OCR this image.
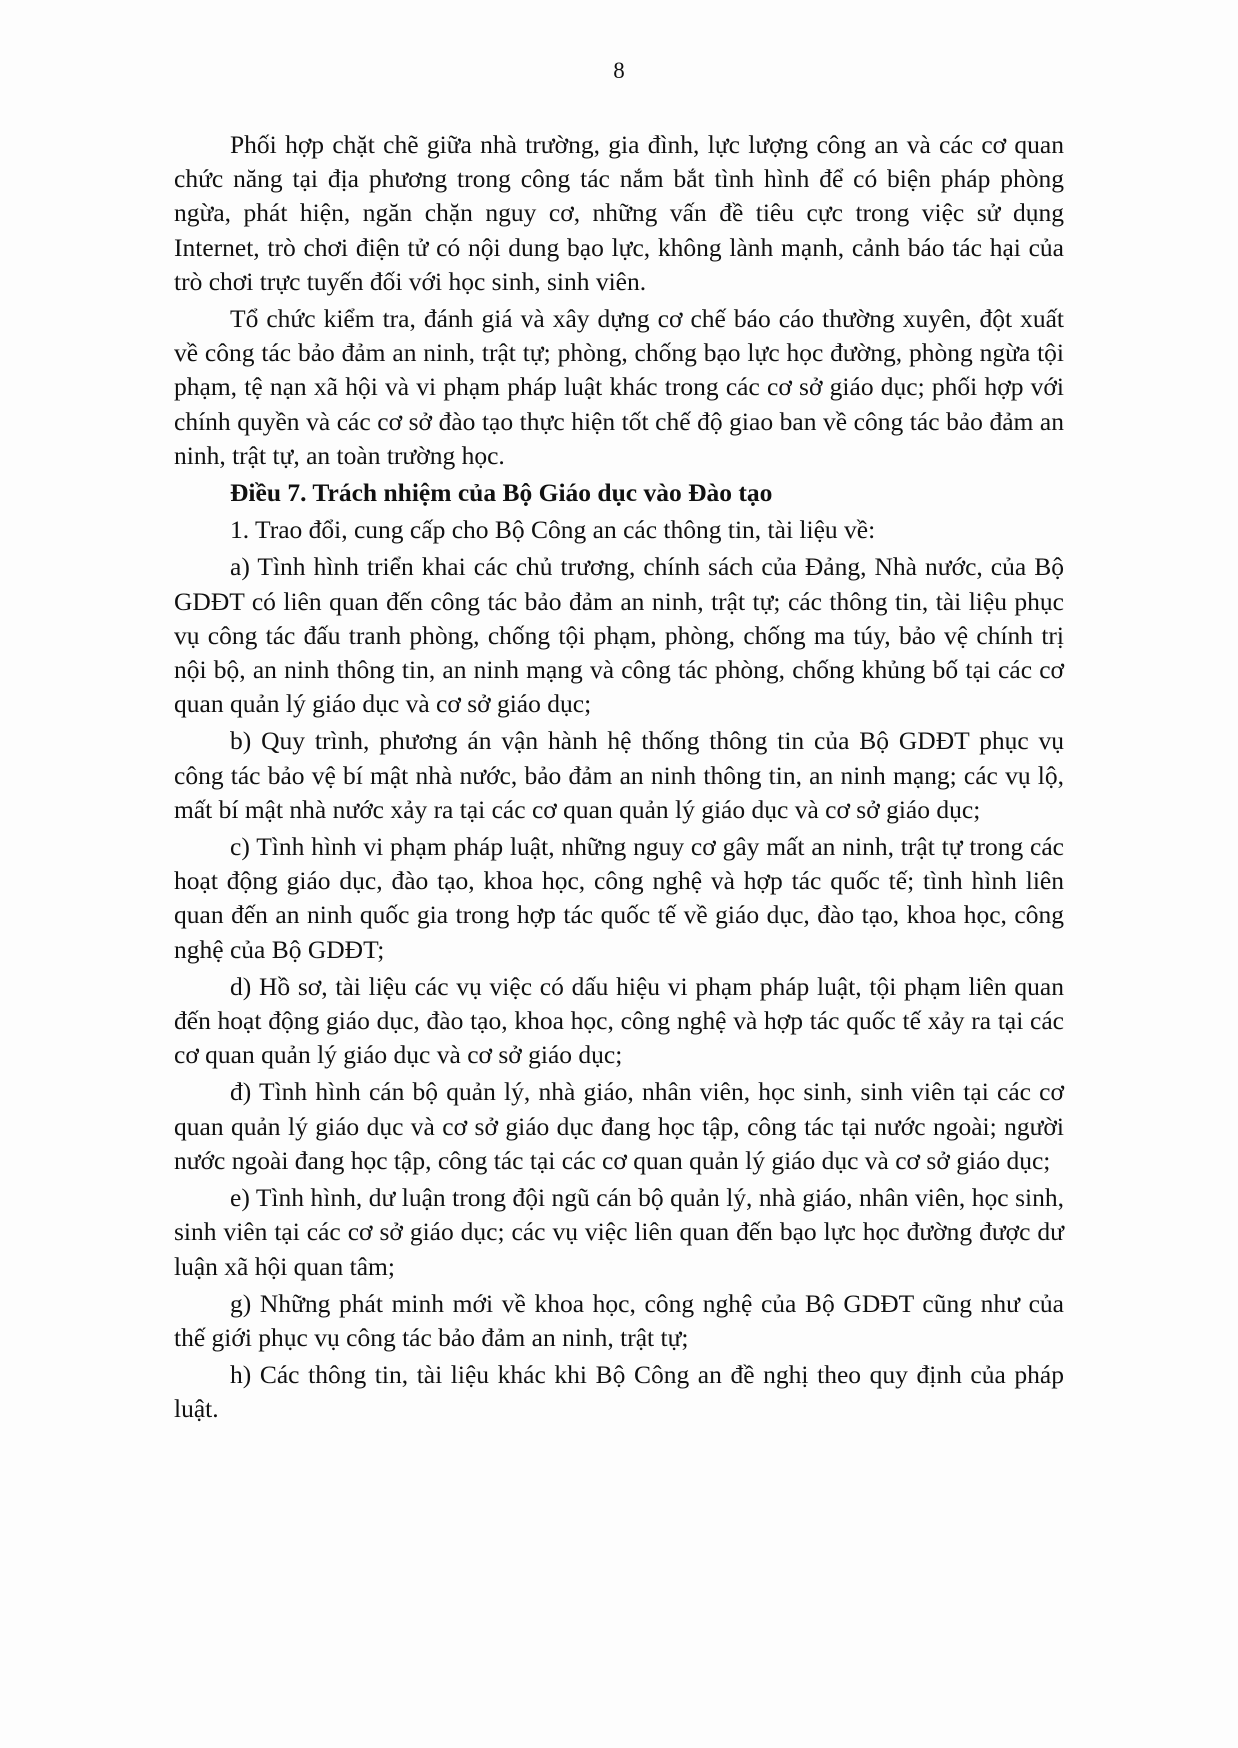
8

Phối hợp chặt chẽ giữa nhà trường, gia đình, lực lượng công an và các cơ quan chức năng tại địa phương trong công tác nắm bắt tình hình để có biện pháp phòng ngừa, phát hiện, ngăn chặn nguy cơ, những vấn đề tiêu cực trong việc sử dụng Internet, trò chơi điện tử có nội dung bạo lực, không lành mạnh, cảnh báo tác hại của trò chơi trực tuyến đối với học sinh, sinh viên.

Tổ chức kiểm tra, đánh giá và xây dựng cơ chế báo cáo thường xuyên, đột xuất về công tác bảo đảm an ninh, trật tự; phòng, chống bạo lực học đường, phòng ngừa tội phạm, tệ nạn xã hội và vi phạm pháp luật khác trong các cơ sở giáo dục; phối hợp với chính quyền và các cơ sở đào tạo thực hiện tốt chế độ giao ban về công tác bảo đảm an ninh, trật tự, an toàn trường học.

Điều 7. Trách nhiệm của Bộ Giáo dục vào Đào tạo

1. Trao đổi, cung cấp cho Bộ Công an các thông tin, tài liệu về:

a) Tình hình triển khai các chủ trương, chính sách của Đảng, Nhà nước, của Bộ GDĐT có liên quan đến công tác bảo đảm an ninh, trật tự; các thông tin, tài liệu phục vụ công tác đấu tranh phòng, chống tội phạm, phòng, chống ma túy, bảo vệ chính trị nội bộ, an ninh thông tin, an ninh mạng và công tác phòng, chống khủng bố tại các cơ quan quản lý giáo dục và cơ sở giáo dục;

b) Quy trình, phương án vận hành hệ thống thông tin của Bộ GDĐT phục vụ công tác bảo vệ bí mật nhà nước, bảo đảm an ninh thông tin, an ninh mạng; các vụ lộ, mất bí mật nhà nước xảy ra tại các cơ quan quản lý giáo dục và cơ sở giáo dục;

c) Tình hình vi phạm pháp luật, những nguy cơ gây mất an ninh, trật tự trong các hoạt động giáo dục, đào tạo, khoa học, công nghệ và hợp tác quốc tế; tình hình liên quan đến an ninh quốc gia trong hợp tác quốc tế về giáo dục, đào tạo, khoa học, công nghệ của Bộ GDĐT;

d) Hồ sơ, tài liệu các vụ việc có dấu hiệu vi phạm pháp luật, tội phạm liên quan đến hoạt động giáo dục, đào tạo, khoa học, công nghệ và hợp tác quốc tế xảy ra tại các cơ quan quản lý giáo dục và cơ sở giáo dục;

đ) Tình hình cán bộ quản lý, nhà giáo, nhân viên, học sinh, sinh viên tại các cơ quan quản lý giáo dục và cơ sở giáo dục đang học tập, công tác tại nước ngoài; người nước ngoài đang học tập, công tác tại các cơ quan quản lý giáo dục và cơ sở giáo dục;

e) Tình hình, dư luận trong đội ngũ cán bộ quản lý, nhà giáo, nhân viên, học sinh, sinh viên tại các cơ sở giáo dục; các vụ việc liên quan đến bạo lực học đường được dư luận xã hội quan tâm;

g) Những phát minh mới về khoa học, công nghệ của Bộ GDĐT cũng như của thế giới phục vụ công tác bảo đảm an ninh, trật tự;

h) Các thông tin, tài liệu khác khi Bộ Công an đề nghị theo quy định của pháp luật.
